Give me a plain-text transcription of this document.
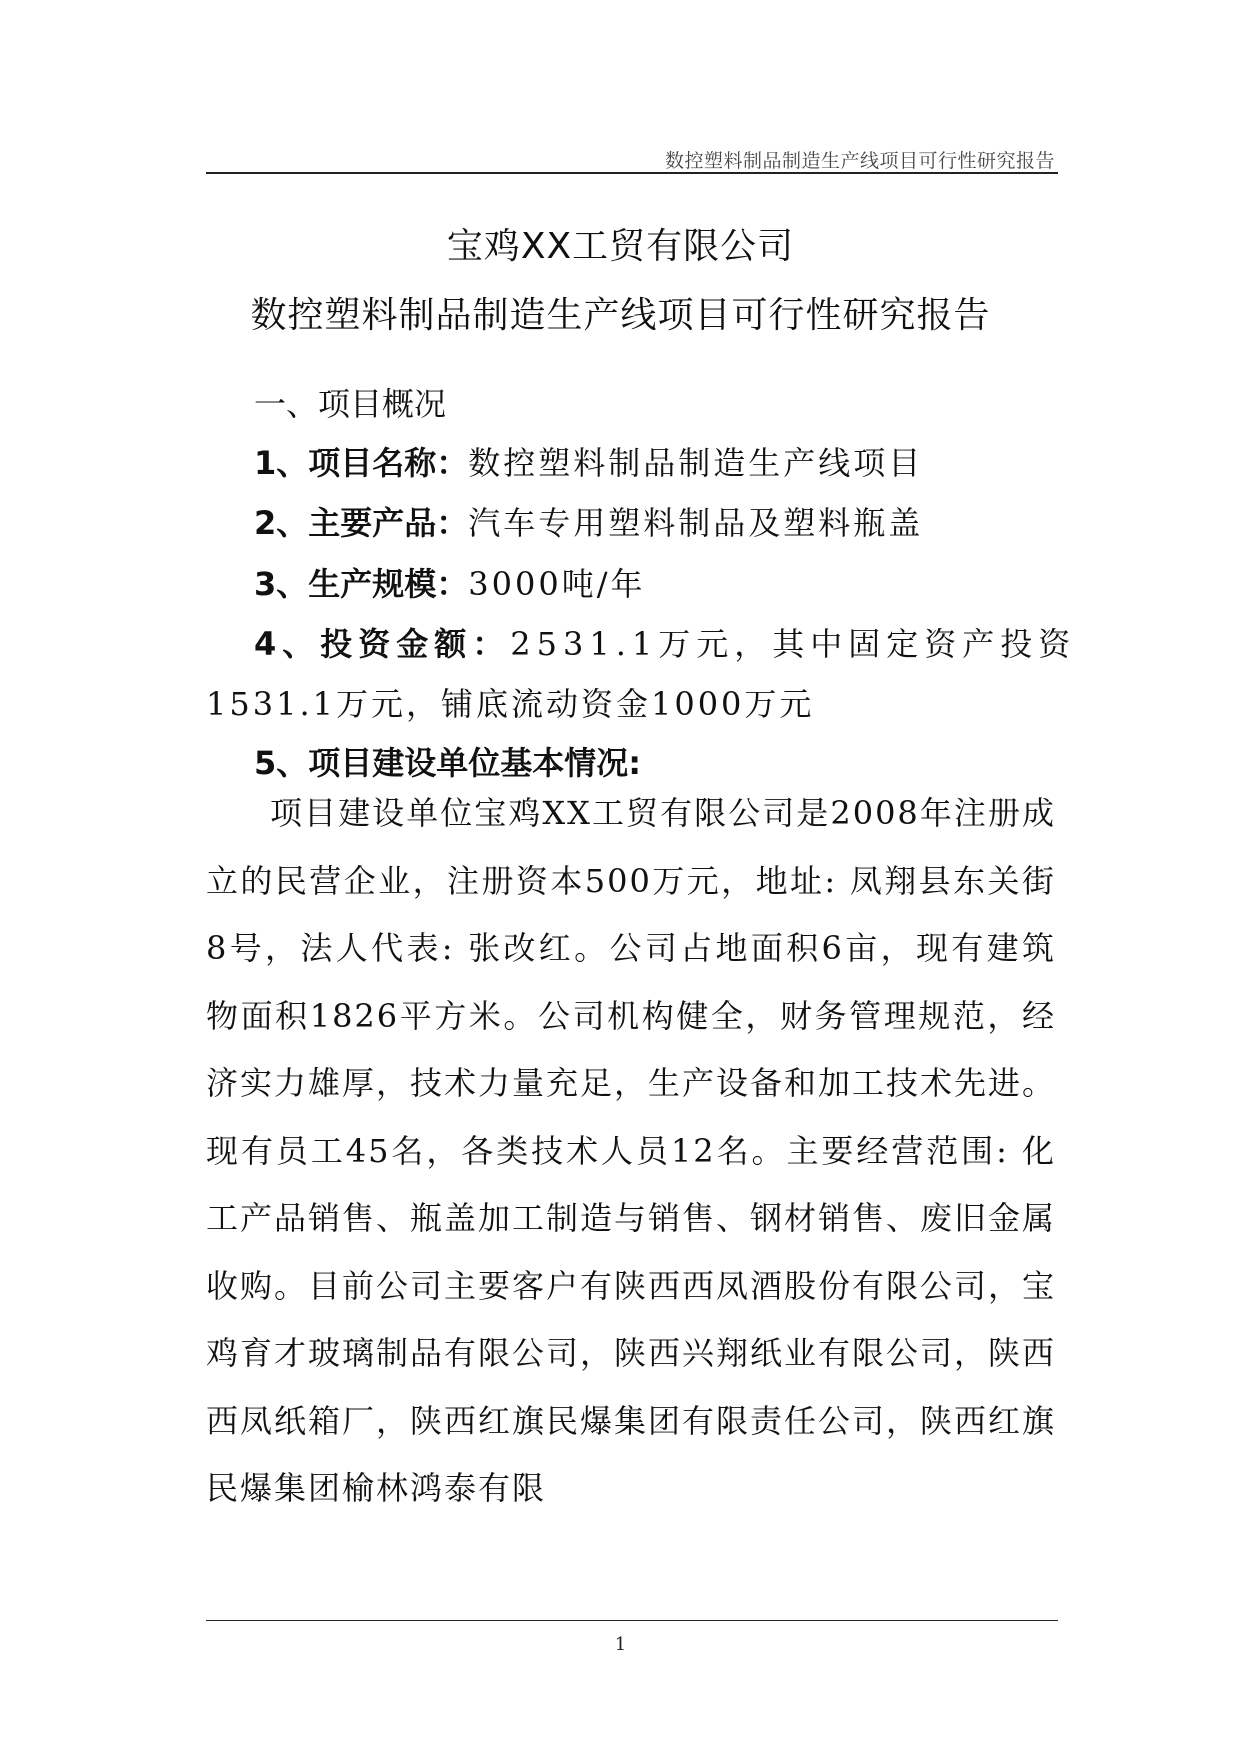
数控塑料制品制造生产线项目可行性研究报告
宝鸡XX工贸有限公司
数控塑料制品制造生产线项目可行性研究报告
一、项目概况
1、项目名称：数控塑料制品制造生产线项目
2、主要产品：汽车专用塑料制品及塑料瓶盖
3、生产规模：3000吨/年
4、投资金额：2531.1万元，其中固定资产投资
1531.1万元，铺底流动资金1000万元
5、项目建设单位基本情况:

项目建设单位宝鸡XX工贸有限公司是2008年注册成立的民营企业，注册资本500万元，地址: 凤翔县东关街8号，法人代表: 张改红。公司占地面积6亩，现有建筑物面积1826平方米。公司机构健全，财务管理规范，经济实力雄厚，技术力量充足，生产设备和加工技术先进。现有员工45名，各类技术人员12名。主要经营范围: 化工产品销售、瓶盖加工制造与销售、钢材销售、废旧金属收购。目前公司主要客户有陕西西凤酒股份有限公司，宝鸡育才玻璃制品有限公司，陕西兴翔纸业有限公司，陕西西凤纸箱厂，陕西红旗民爆集团有限责任公司，陕西红旗民爆集团榆林鸿泰有限

1
